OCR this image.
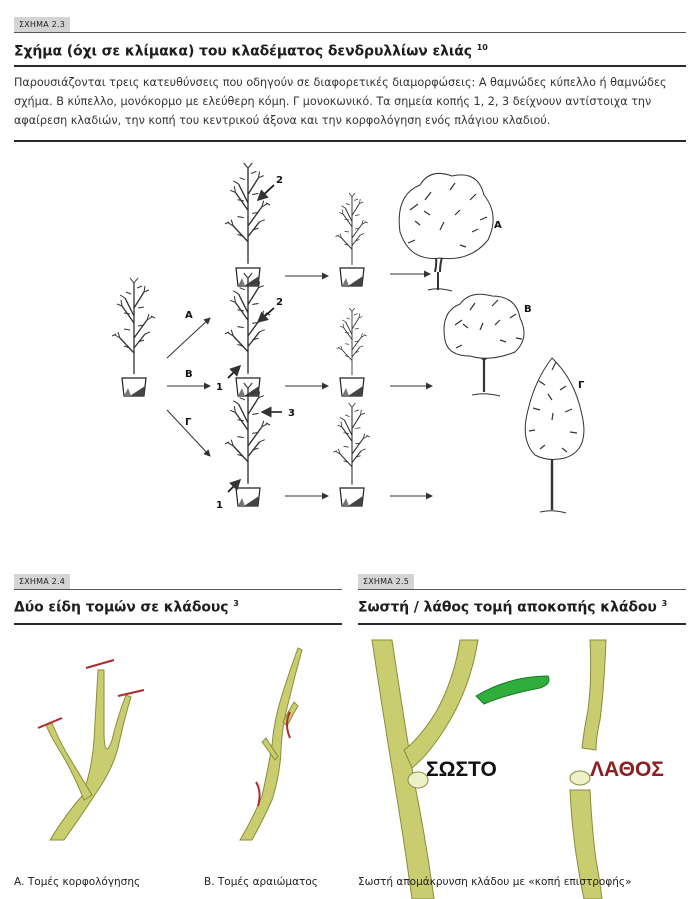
ΣΧΗΜΑ 2.3
Σχήμα (όχι σε κλίμακα) του κλαδέματος δενδρυλλίων ελιάς $^{10}$
Παρουσιάζονται τρεις κατευθύνσεις που οδηγούν σε διαφορετικές διαμορφώσεις: Α θαμνώδες κύπελλο ή θαμνώδες σχήμα. Β κύπελλο, μονόκορμο με ελεύθερη κόμη. Γ μονοκωνικό. Τα σημεία κοπής 1, 2, 3 δείχνουν αντίστοιχα την αφαίρεση κλαδιών, την κοπή του κεντρικού άξονα και την κορφολόγηση ενός πλάγιου κλαδιού.
Α
Β
Γ
2
2
1
3
1
Α
Β
Γ
ΣΧΗΜΑ 2.4
Δύο είδη τομών σε κλάδους $^3$
ΣΧΗΜΑ 2.5
Σωστή / λάθος τομή αποκοπής κλάδου $^3$
ΣΩΣΤΟ	ΛΑΘΟΣ
Α. Τομές κορφολόγησης	Β. Τομές αραιώματος	Σωστή απομάκρυνση κλάδου με «κοπή επιστροφής»
